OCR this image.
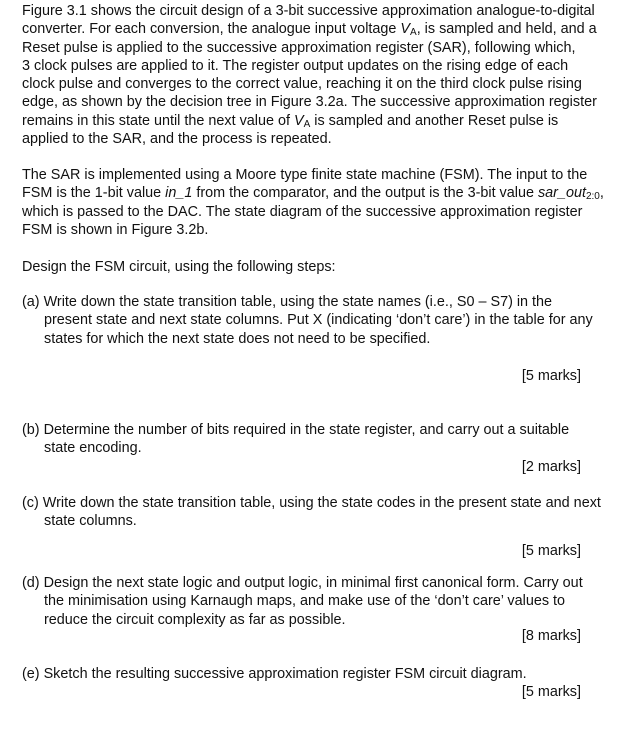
Figure 3.1 shows the circuit design of a 3-bit successive approximation analogue-to-digital
converter. For each conversion, the analogue input voltage $V_A$, is sampled and held, and a
Reset pulse is applied to the successive approximation register (SAR), following which,
3 clock pulses are applied to it. The register output updates on the rising edge of each
clock pulse and converges to the correct value, reaching it on the third clock pulse rising
edge, as shown by the decision tree in Figure 3.2a. The successive approximation register
remains in this state until the next value of $V_A$ is sampled and another Reset pulse is
applied to the SAR, and the process is repeated.
The SAR is implemented using a Moore type finite state machine (FSM). The input to the
FSM is the 1-bit value in_1 from the comparator, and the output is the 3-bit value sar_out$_{2:0}$,
which is passed to the DAC. The state diagram of the successive approximation register
FSM is shown in Figure 3.2b.
Design the FSM circuit, using the following steps:
(a) Write down the state transition table, using the state names (i.e., S0 – S7) in the
present state and next state columns. Put X (indicating ‘don’t care’) in the table for any
states for which the next state does not need to be specified.
[5 marks]
(b) Determine the number of bits required in the state register, and carry out a suitable
state encoding.
[2 marks]
(c) Write down the state transition table, using the state codes in the present state and next
state columns.
[5 marks]
(d) Design the next state logic and output logic, in minimal first canonical form. Carry out
the minimisation using Karnaugh maps, and make use of the ‘don’t care’ values to
reduce the circuit complexity as far as possible.
[8 marks]
(e) Sketch the resulting successive approximation register FSM circuit diagram.
[5 marks]
